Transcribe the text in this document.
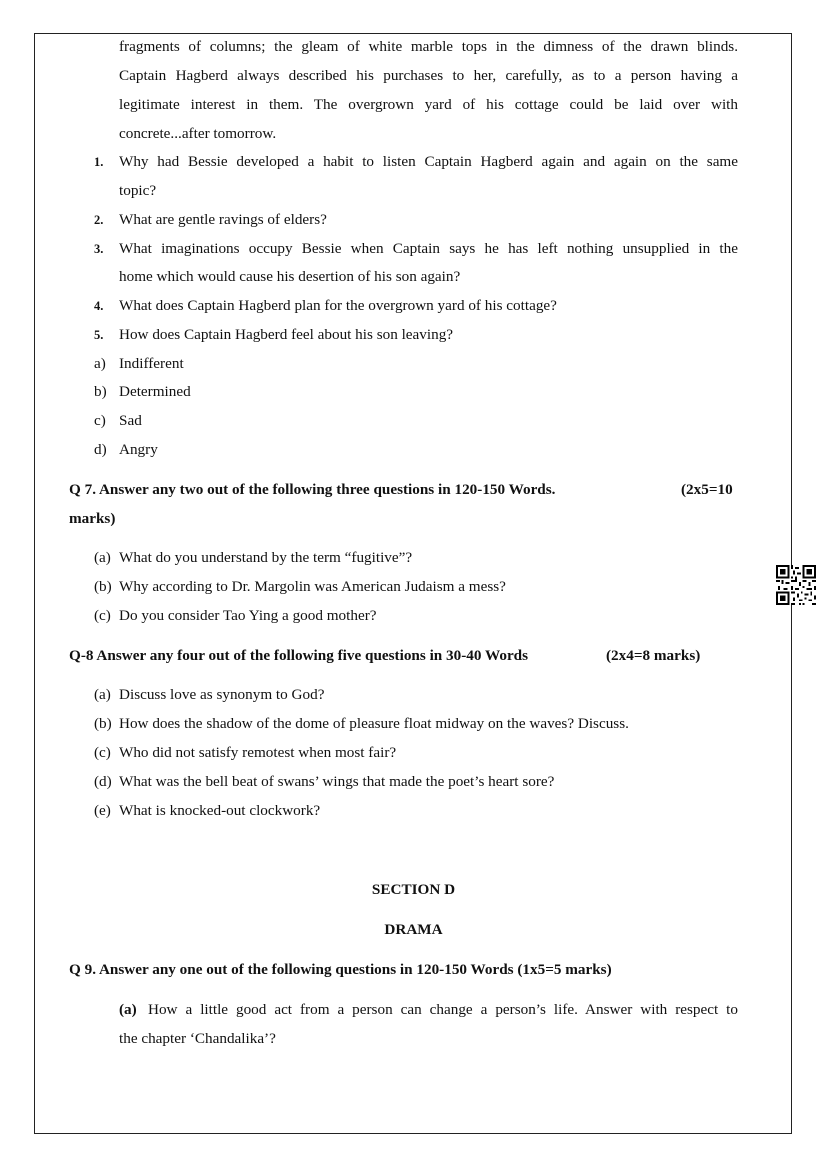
fragments of columns; the gleam of white marble tops in the dimness of the drawn blinds.
Captain Hagberd always described his purchases to her, carefully, as to a person having a
legitimate interest in them. The overgrown yard of his cottage could be laid over with
concrete...after tomorrow.
1. Why had Bessie developed a habit to listen Captain Hagberd again and again on the same
topic?
2. What are gentle ravings of elders?
3. What imaginations occupy Bessie when Captain says he has left nothing unsupplied in the
home which would cause his desertion of his son again?
4. What does Captain Hagberd plan for the overgrown yard of his cottage?
5. How does Captain Hagberd feel about his son leaving?
a) Indifferent
b) Determined
c) Sad
d) Angry
Q 7. Answer any two out of the following three questions in 120-150 Words.	(2x5=10
marks)
(a) What do you understand by the term “fugitive”?
(b) Why according to Dr. Margolin was American Judaism a mess?
(c) Do you consider Tao Ying a good mother?
Q-8 Answer any four out of the following five questions in 30-40 Words	(2x4=8 marks)
(a) Discuss love as synonym to God?
(b) How does the shadow of the dome of pleasure float midway on the waves? Discuss.
(c) Who did not satisfy remotest when most fair?
(d) What was the bell beat of swans’ wings that made the poet’s heart sore?
(e) What is knocked-out clockwork?
SECTION D
DRAMA
Q 9. Answer any one out of the following questions in 120-150 Words (1x5=5 marks)
(a) How a little good act from a person can change a person’s life. Answer with respect to
the chapter ‘Chandalika’?
